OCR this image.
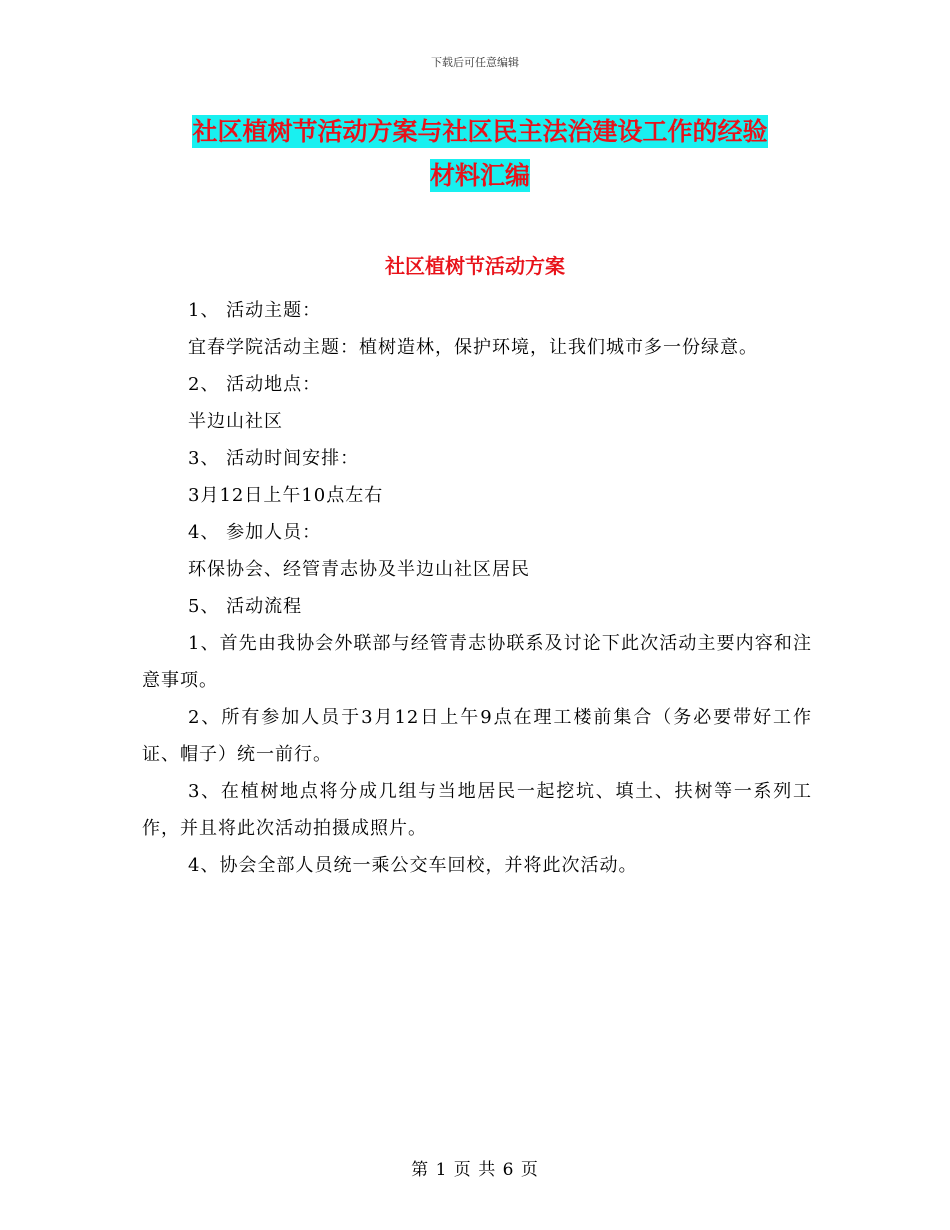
下载后可任意编辑
社区植树节活动方案与社区民主法治建设工作的经验
材料汇编
社区植树节活动方案

1、 活动主题：

宜春学院活动主题：植树造林，保护环境，让我们城市多一份绿意。

2、 活动地点：

半边山社区

3、 活动时间安排：

3月12日上午10点左右

4、 参加人员：

环保协会、经管青志协及半边山社区居民

5、 活动流程

1、首先由我协会外联部与经管青志协联系及讨论下此次活动主要内容和注意事项。

2、所有参加人员于3月12日上午9点在理工楼前集合（务必要带好工作证、帽子）统一前行。

3、在植树地点将分成几组与当地居民一起挖坑、填土、扶树等一系列工作，并且将此次活动拍摄成照片。

4、协会全部人员统一乘公交车回校，并将此次活动。

第 1 页 共 6 页
